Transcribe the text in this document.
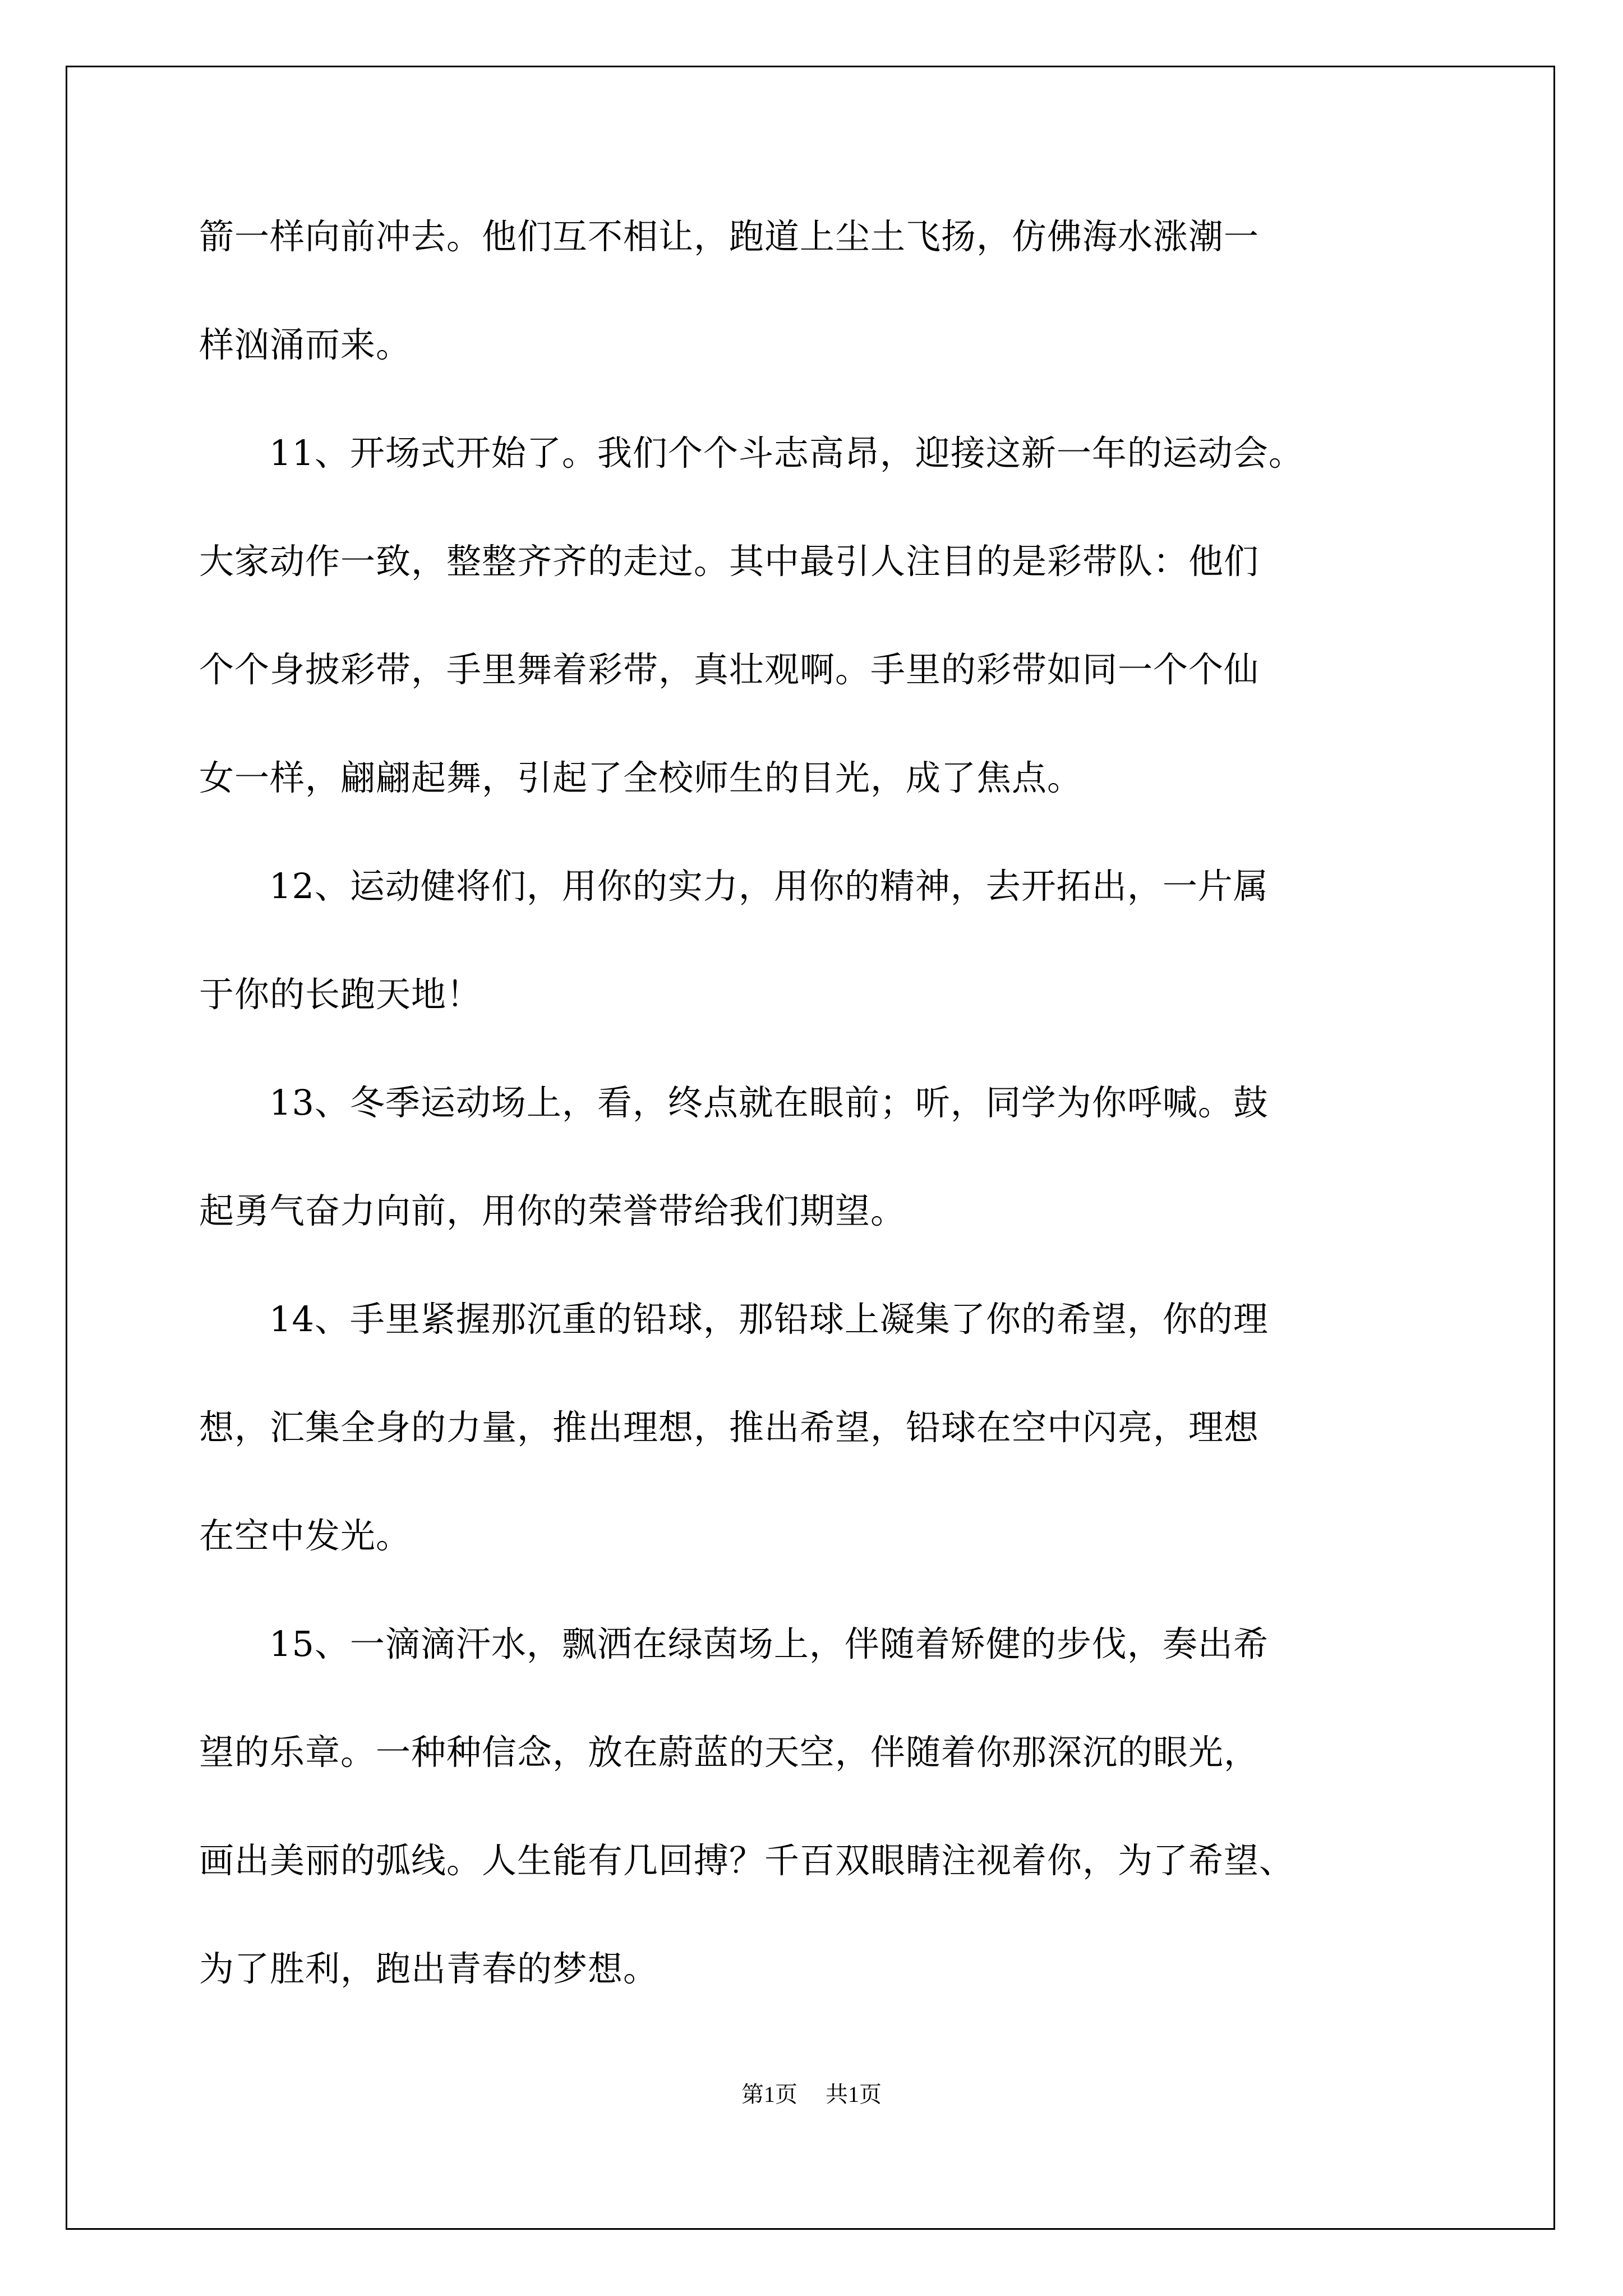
箭一样向前冲去。他们互不相让，跑道上尘土飞扬，仿佛海水涨潮一
样汹涌而来。
11、开场式开始了。我们个个斗志高昂，迎接这新一年的运动会。
大家动作一致，整整齐齐的走过。其中最引人注目的是彩带队：他们
个个身披彩带，手里舞着彩带，真壮观啊。手里的彩带如同一个个仙
女一样，翩翩起舞，引起了全校师生的目光，成了焦点。
12、运动健将们，用你的实力，用你的精神，去开拓出，一片属
于你的长跑天地！
13、冬季运动场上，看，终点就在眼前；听，同学为你呼喊。鼓
起勇气奋力向前，用你的荣誉带给我们期望。
14、手里紧握那沉重的铅球，那铅球上凝集了你的希望，你的理
想，汇集全身的力量，推出理想，推出希望，铅球在空中闪亮，理想
在空中发光。
15、一滴滴汗水，飘洒在绿茵场上，伴随着矫健的步伐，奏出希
望的乐章。一种种信念，放在蔚蓝的天空，伴随着你那深沉的眼光，
画出美丽的弧线。人生能有几回搏？千百双眼睛注视着你，为了希望、
为了胜利，跑出青春的梦想。
第1页 共1页
